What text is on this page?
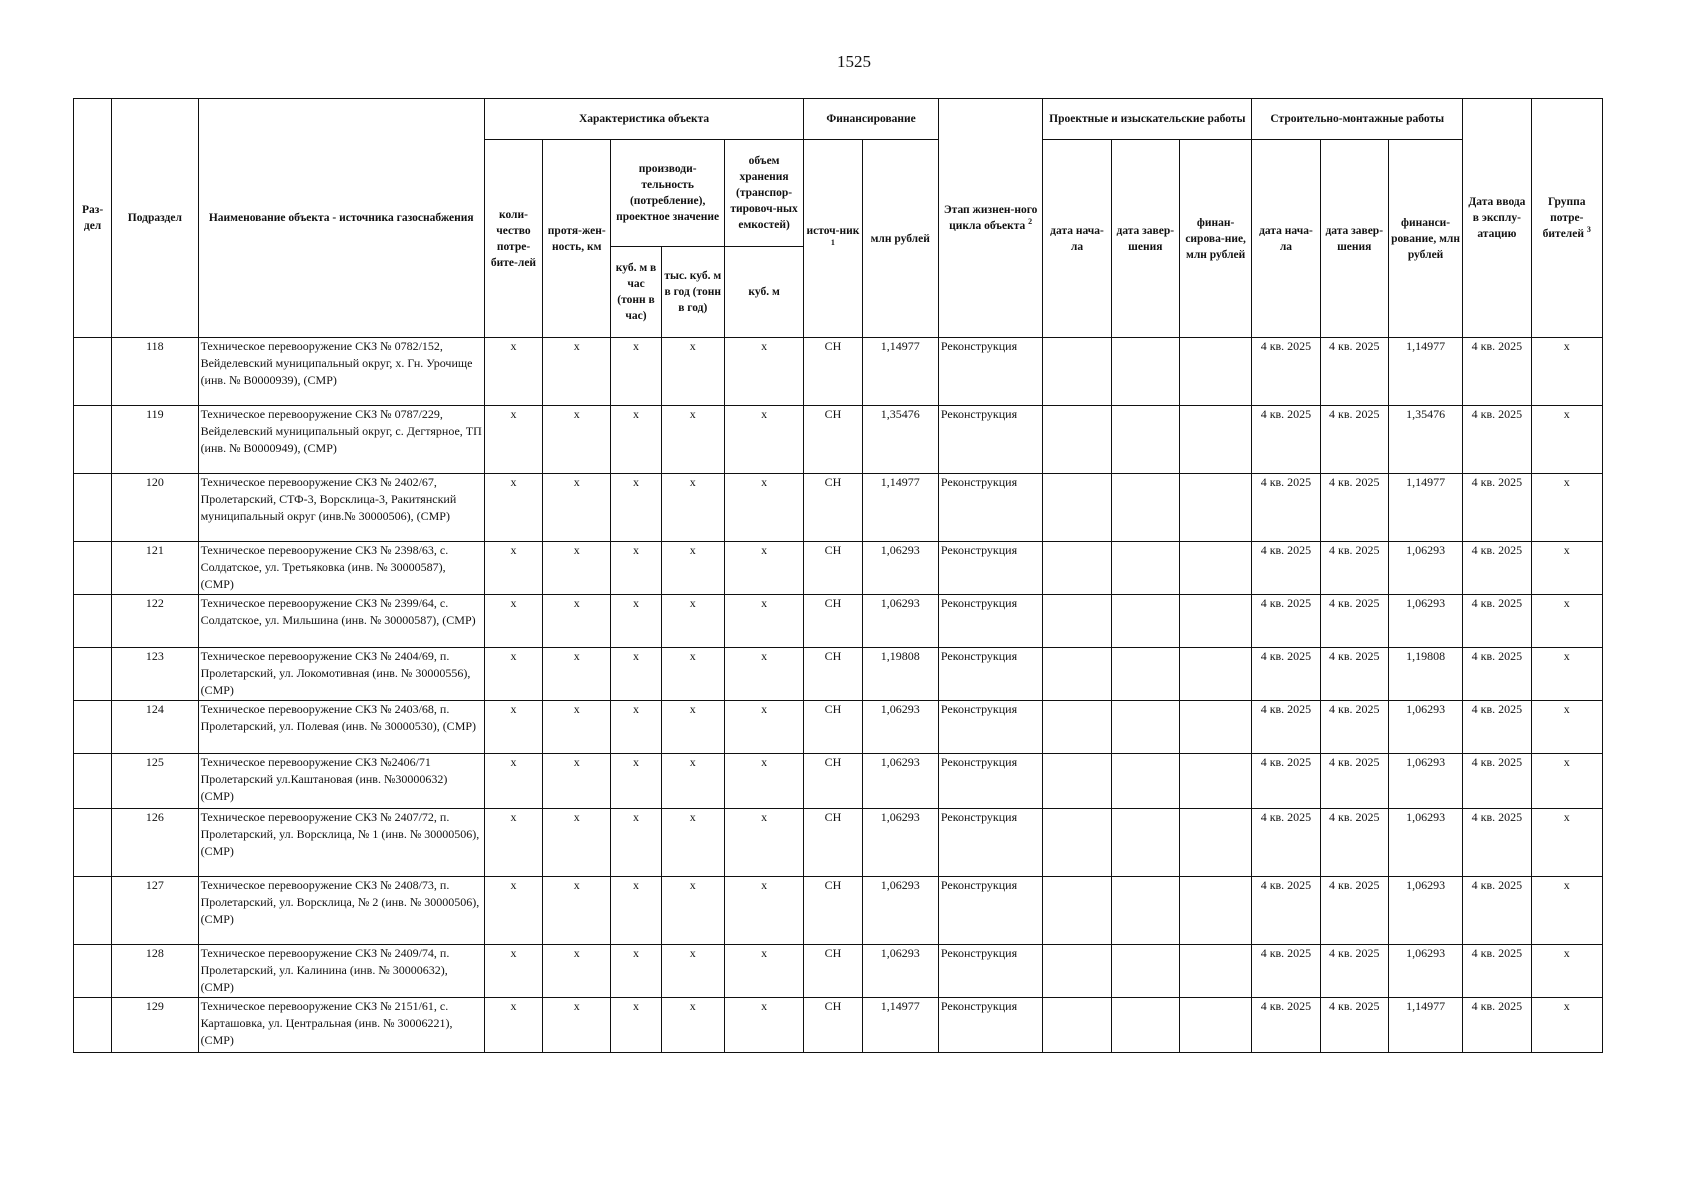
1525
Раз-дел	Подраздел	Наименование объекта - источника газоснабжения	Характеристика объекта					Финансирование		Этап жизнен-ного цикла объекта $^2$	Проектные и изыскательские работы			Строительно-монтажные работы			Дата ввода в эксплу-атацию	Группа потре-бителей $^3$
			коли-чество потре-бите-лей	протя-жен-ность, км	производи-тельность (потребление), проектное значение		объем хранения (транспор-тировоч-ных емкостей)	источ-ник $^1$	млн рублей		дата нача-ла	дата завер-шения	финан-сирова-ние, млн рублей	дата нача-ла	дата завер-шения	финанси-рование, млн рублей		
					куб. м в час (тонн в час)	тыс. куб. м в год (тонн в год)	куб. м											
	118	Техническое перевооружение СКЗ № 0782/152, Вейделевский муниципальный округ, х. Гн. Урочище (инв. № В0000939), (СМР)	х	х	х	х	х	СН	1,14977	Реконструкция				4 кв. 2025	4 кв. 2025	1,14977	4 кв. 2025	х
	119	Техническое перевооружение СКЗ № 0787/229, Вейделевский муниципальный округ, с. Дегтярное, ТП (инв. № В0000949), (СМР)	х	х	х	х	х	СН	1,35476	Реконструкция				4 кв. 2025	4 кв. 2025	1,35476	4 кв. 2025	х
	120	Техническое перевооружение СКЗ № 2402/67, Пролетарский, СТФ-3, Ворсклица-3, Ракитянский муниципальный округ (инв.№ 30000506), (СМР)	х	х	х	х	х	СН	1,14977	Реконструкция				4 кв. 2025	4 кв. 2025	1,14977	4 кв. 2025	х
	121	Техническое перевооружение СКЗ № 2398/63, с. Солдатское, ул. Третьяковка (инв. № 30000587), (СМР)	х	х	х	х	х	СН	1,06293	Реконструкция				4 кв. 2025	4 кв. 2025	1,06293	4 кв. 2025	х
	122	Техническое перевооружение СКЗ № 2399/64, с. Солдатское, ул. Мильшина (инв. № 30000587), (СМР)	х	х	х	х	х	СН	1,06293	Реконструкция				4 кв. 2025	4 кв. 2025	1,06293	4 кв. 2025	х
	123	Техническое перевооружение СКЗ № 2404/69, п. Пролетарский, ул. Локомотивная (инв. № 30000556), (СМР)	х	х	х	х	х	СН	1,19808	Реконструкция				4 кв. 2025	4 кв. 2025	1,19808	4 кв. 2025	х
	124	Техническое перевооружение СКЗ № 2403/68, п. Пролетарский, ул. Полевая (инв. № 30000530), (СМР)	х	х	х	х	х	СН	1,06293	Реконструкция				4 кв. 2025	4 кв. 2025	1,06293	4 кв. 2025	х
	125	Техническое перевооружение СКЗ №2406/71 Пролетарский ул.Каштановая (инв. №30000632) (СМР)	х	х	х	х	х	СН	1,06293	Реконструкция				4 кв. 2025	4 кв. 2025	1,06293	4 кв. 2025	х
	126	Техническое перевооружение СКЗ № 2407/72, п. Пролетарский, ул. Ворсклица, № 1 (инв. № 30000506), (СМР)	х	х	х	х	х	СН	1,06293	Реконструкция				4 кв. 2025	4 кв. 2025	1,06293	4 кв. 2025	х
	127	Техническое перевооружение СКЗ № 2408/73, п. Пролетарский, ул. Ворсклица, № 2 (инв. № 30000506), (СМР)	х	х	х	х	х	СН	1,06293	Реконструкция				4 кв. 2025	4 кв. 2025	1,06293	4 кв. 2025	х
	128	Техническое перевооружение СКЗ № 2409/74, п. Пролетарский, ул. Калинина (инв. № 30000632), (СМР)	х	х	х	х	х	СН	1,06293	Реконструкция				4 кв. 2025	4 кв. 2025	1,06293	4 кв. 2025	х
	129	Техническое перевооружение СКЗ № 2151/61, с. Карташовка, ул. Центральная (инв. № 30006221), (СМР)	х	х	х	х	х	СН	1,14977	Реконструкция				4 кв. 2025	4 кв. 2025	1,14977	4 кв. 2025	х
